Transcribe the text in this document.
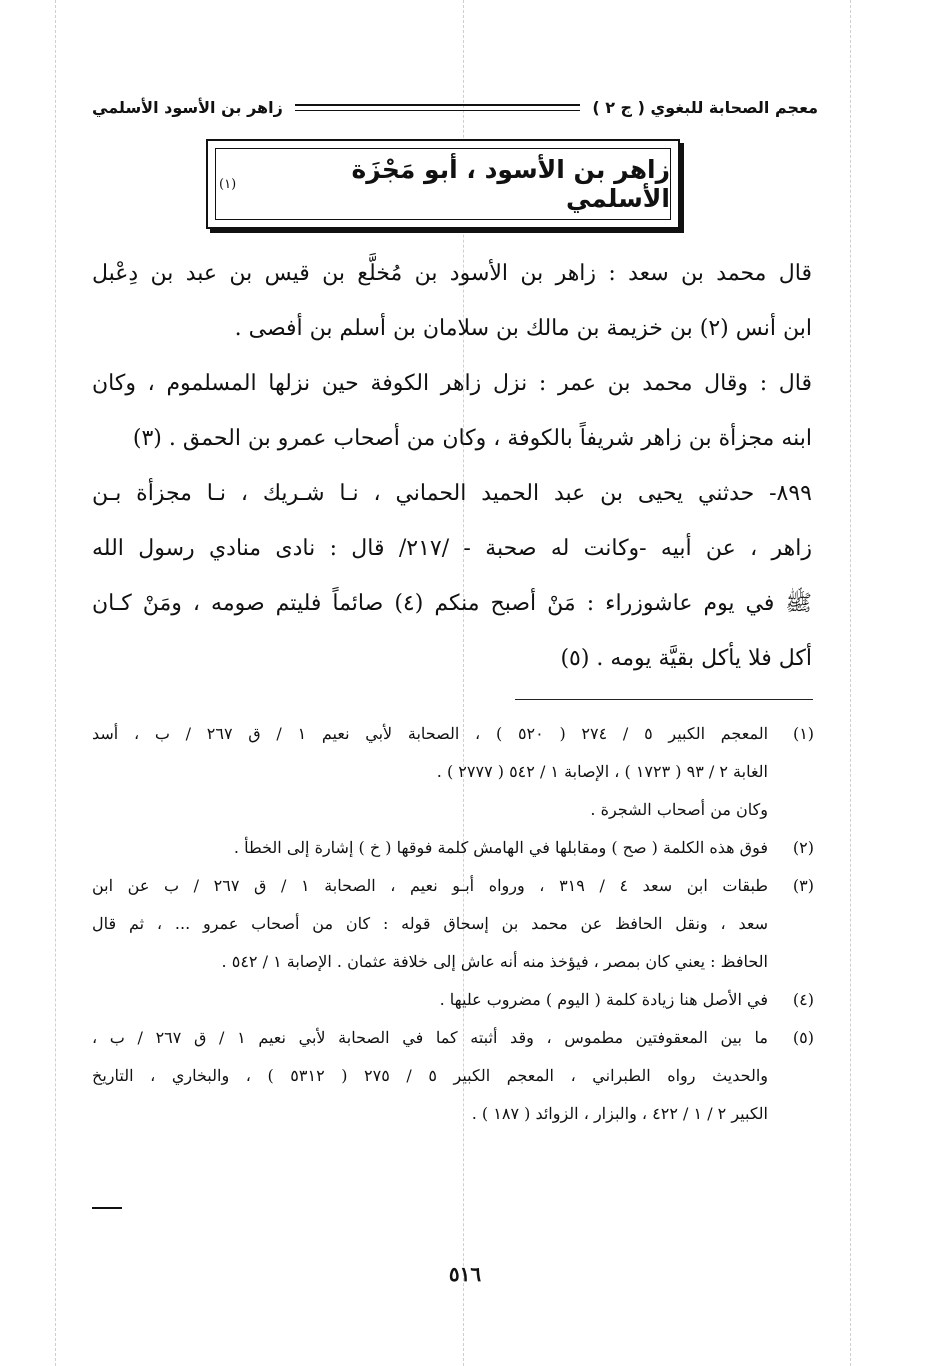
معجم الصحابة للبغوي ( ج ٢ )
زاهر بن الأسود الأسلمي
زاهر بن الأسود ، أبو مَجْزَة الأسلمي
(١)
قال محمد بن سعد : زاهر بن الأسود بن مُخلَّع بن قيس بن عبد بن دِعْبل
ابن أنس (٢) بن خزيمة بن مالك بن سلامان بن أسلم بن أفصى .
قال : وقال محمد بن عمر : نزل زاهر الكوفة حين نزلها المسلموم ، وكان
ابنه مجزأة بن زاهر شريفاً بالكوفة ، وكان من أصحاب عمرو بن الحمق . (٣)
٨٩٩- حدثني يحيى بن عبد الحميد الحماني ، نـا شـريك ، نـا مجزأة بـن
زاهر ، عن أبيه -وكانت له صحبة - /٢١٧/ قال : نادى منادي رسول الله
ﷺ في يوم عاشوزراء : مَنْ أصبح منكم (٤) صائماً فليتم صومه ، ومَنْ كـان
أكل فلا يأكل بقيَّة يومه . (٥)
(١)المعجم الكبير ٥ / ٢٧٤ ( ٥٢٠ ) ، الصحابة لأبي نعيم ١ / ق ٢٦٧ / ب ، أسد
الغابة ٢ / ٩٣ ( ١٧٢٣ ) ، الإصابة ١ / ٥٤٢ ( ٢٧٧٧ ) .
وكان من أصحاب الشجرة .
(٢)فوق هذه الكلمة ( صح ) ومقابلها في الهامش كلمة فوقها ( خ ) إشارة إلى الخطأ .
(٣)طبقات ابن سعد ٤ / ٣١٩ ، ورواه أبـو نعيم ، الصحابة ١ / ق ٢٦٧ / ب عن ابن
سعد ، ونقل الحافظ عن محمد بن إسحاق قوله : كان من أصحاب عمرو ... ، ثم قال
الحافظ : يعني كان بمصر ، فيؤخذ منه أنه عاش إلى خلافة عثمان . الإصابة ١ / ٥٤٢ .
(٤)في الأصل هنا زيادة كلمة ( اليوم ) مضروب عليها .
(٥)ما بين المعقوفتين مطموس ، وقد أثبته كما في الصحابة لأبي نعيم ١ / ق ٢٦٧ / ب ،
والحديث رواه الطبراني ، المعجم الكبير ٥ / ٢٧٥ ( ٥٣١٢ ) ، والبخاري ، التاريخ
الكبير ٢ / ١ / ٤٢٢ ، والبزار ، الزوائد ( ١٨٧ ) .
٥١٦
